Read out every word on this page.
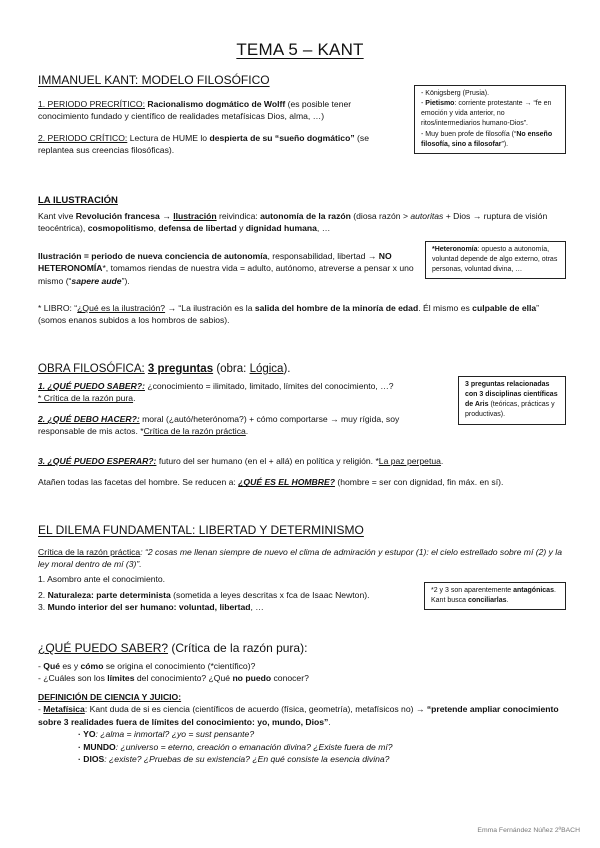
TEMA 5 – KANT
IMMANUEL KANT: MODELO FILOSÓFICO

1. PERIODO PRECRÍTICO: Racionalismo dogmático de Wolff (es posible tener conocimiento fundado y científico de realidades metafísicas Dios, alma, …)

2. PERIODO CRÍTICO: Lectura de HUME lo despierta de su “sueño dogmático” (se replantea sus creencias filosóficas).

- Königsberg (Prusia).

- Pietismo: corriente protestante → “fe en emoción y vida anterior, no ritos/intermediarios humano-Dios”.

- Muy buen profe de filosofía (“No enseño filosofía, sino a filosofar”).

LA ILUSTRACIÓN

Kant vive Revolución francesa → Ilustración reivindica: autonomía de la razón (diosa razón > autoritas + Dios → ruptura de visión teocéntrica), cosmopolitismo, defensa de libertad y dignidad humana, …

Ilustración = periodo de nueva conciencia de autonomía, responsabilidad, libertad → NO HETERONOMÍA*, tomamos riendas de nuestra vida = adulto, autónomo, atreverse a pensar x uno mismo (“sapere aude”).

*Heteronomía: opuesto a autonomía, voluntad depende de algo externo, otras personas, voluntad divina, …

* LIBRO: “¿Qué es la ilustración? → “La ilustración es la salida del hombre de la minoría de edad. Él mismo es culpable de ella” (somos enanos subidos a los hombros de sabios).

OBRA FILOSÓFICA: 3 preguntas (obra: Lógica).

1. ¿QUÉ PUEDO SABER?: ¿conocimiento = ilimitado, limitado, límites del conocimiento, …?

* Crítica de la razón pura.

2. ¿QUÉ DEBO HACER?: moral (¿autó/heterónoma?) + cómo comportarse → muy rígida, soy responsable de mis actos. *Crítica de la razón práctica.

3. ¿QUÉ PUEDO ESPERAR?: futuro del ser humano (en el + allá) en política y religión. *La paz perpetua.

Atañen todas las facetas del hombre. Se reducen a: ¿QUÉ ES EL HOMBRE? (hombre = ser con dignidad, fin máx. en sí).

3 preguntas relacionadas con 3 disciplinas científicas de Aris (teóricas, prácticas y productivas).

EL DILEMA FUNDAMENTAL: LIBERTAD Y DETERMINISMO

Crítica de la razón práctica: “2 cosas me llenan siempre de nuevo el clima de admiración y estupor (1): el cielo estrellado sobre mí (2) y la ley moral dentro de mí (3)”.

1. Asombro ante el conocimiento.

2. Naturaleza: parte determinista (sometida a leyes descritas x fca de Isaac Newton).

3. Mundo interior del ser humano: voluntad, libertad, …

*2 y 3 son aparentemente antagónicas. Kant busca conciliarlas.

¿QUÉ PUEDO SABER? (Crítica de la razón pura):

- Qué es y cómo se origina el conocimiento (*científico)?

- ¿Cuáles son los límites del conocimiento? ¿Qué no puedo conocer?

DEFINICIÓN DE CIENCIA Y JUICIO:

- Metafísica: Kant duda de si es ciencia (científicos de acuerdo (física, geometría), metafísicos no) → “pretende ampliar conocimiento sobre 3 realidades fuera de límites del conocimiento: yo, mundo, Dios”.

· YO: ¿alma = inmortal? ¿yo = sust pensante?

· MUNDO: ¿universo = eterno, creación o emanación divina? ¿Existe fuera de mí?

· DIOS: ¿existe? ¿Pruebas de su existencia? ¿En qué consiste la esencia divina?

Emma Fernández Núñez 2ºBACH
